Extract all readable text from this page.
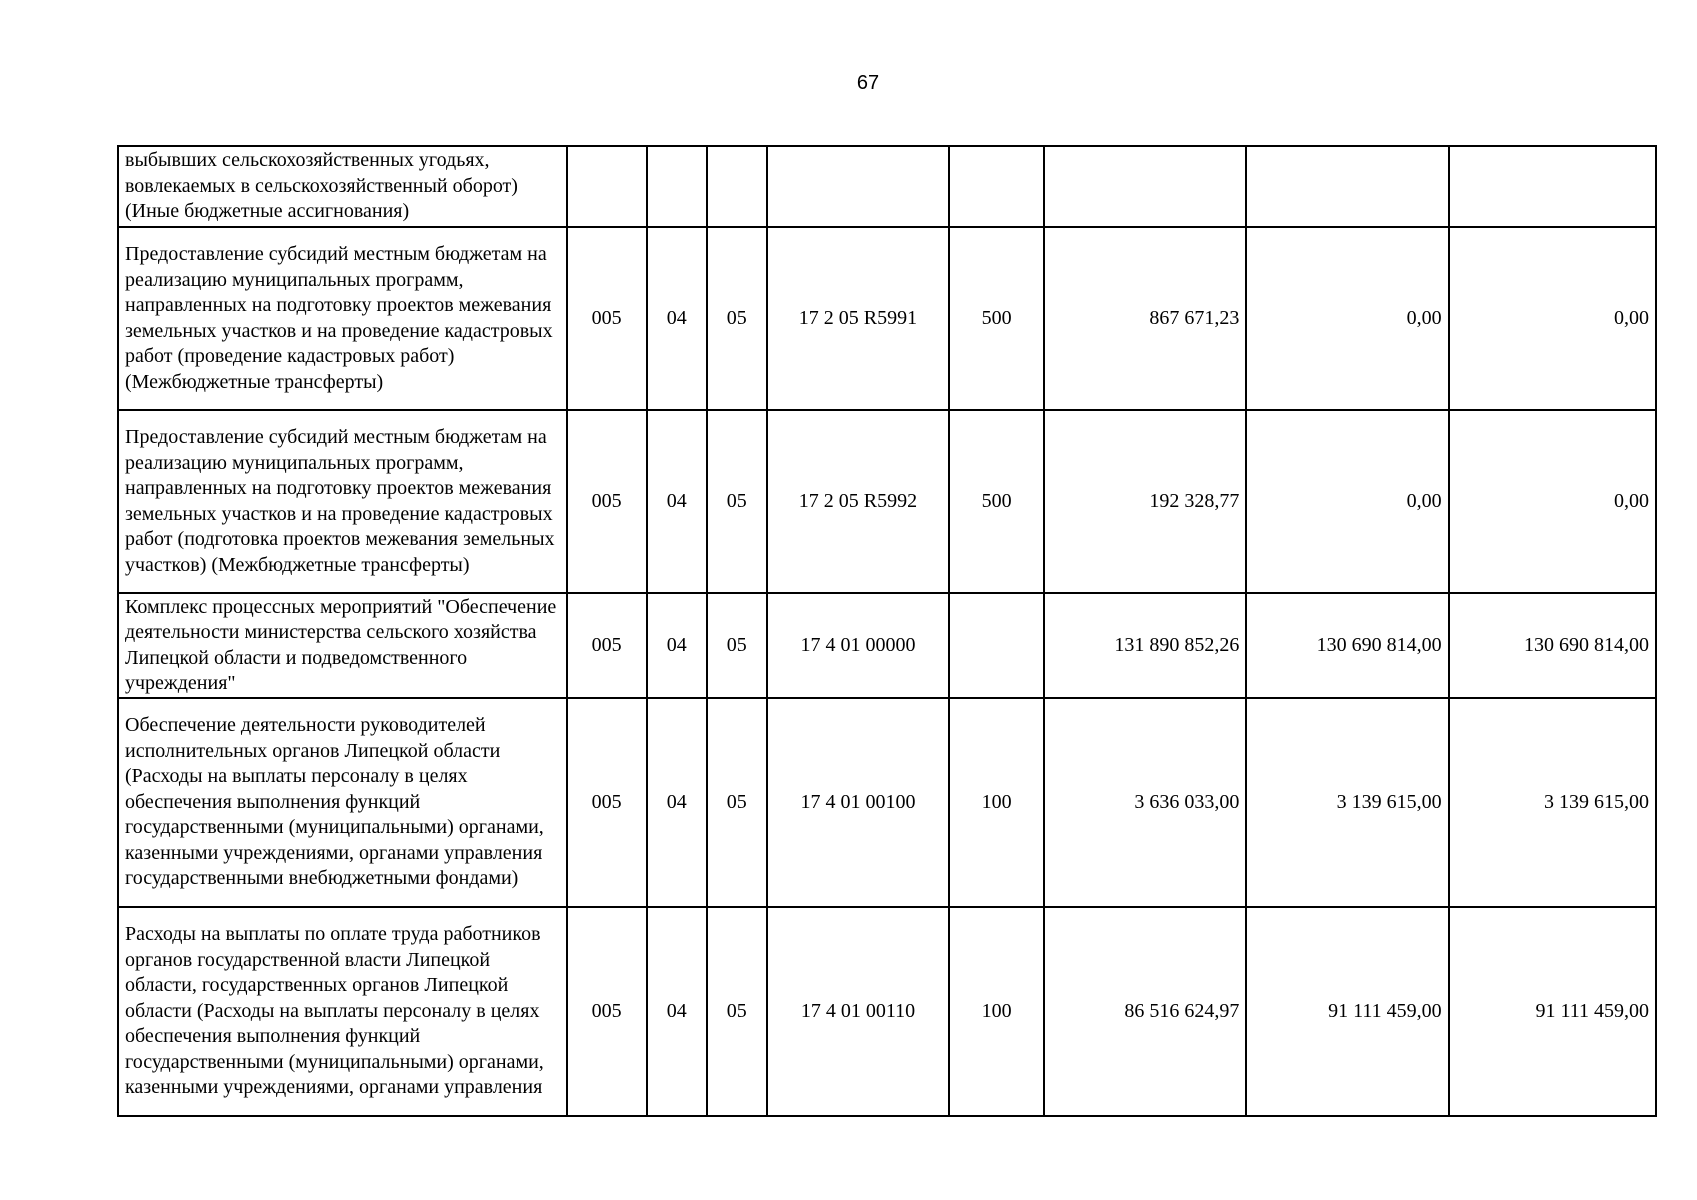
67
выбывших сельскохозяйственных угодьях, вовлекаемых в сельскохозяйственный оборот) (Иные бюджетные ассигнования)								
Предоставление субсидий местным бюджетам на реализацию муниципальных программ, направленных на подготовку проектов межевания земельных участков и на проведение кадастровых работ (проведение кадастровых работ) (Межбюджетные трансферты)	005	04	05	17 2 05 R5991	500	867 671,23	0,00	0,00
Предоставление субсидий местным бюджетам на реализацию муниципальных программ, направленных на подготовку проектов межевания земельных участков и на проведение кадастровых работ (подготовка проектов межевания земельных участков) (Межбюджетные трансферты)	005	04	05	17 2 05 R5992	500	192 328,77	0,00	0,00
Комплекс процессных мероприятий "Обеспечение деятельности министерства сельского хозяйства Липецкой области и подведомственного учреждения"	005	04	05	17 4 01 00000		131 890 852,26	130 690 814,00	130 690 814,00
Обеспечение деятельности руководителей исполнительных органов Липецкой области (Расходы на выплаты персоналу в целях обеспечения выполнения функций государственными (муниципальными) органами, казенными учреждениями, органами управления государственными внебюджетными фондами)	005	04	05	17 4 01 00100	100	3 636 033,00	3 139 615,00	3 139 615,00
Расходы на выплаты по оплате труда работников органов государственной власти Липецкой области, государственных органов Липецкой области (Расходы на выплаты персоналу в целях обеспечения выполнения функций государственными (муниципальными) органами, казенными учреждениями, органами управления	005	04	05	17 4 01 00110	100	86 516 624,97	91 111 459,00	91 111 459,00
